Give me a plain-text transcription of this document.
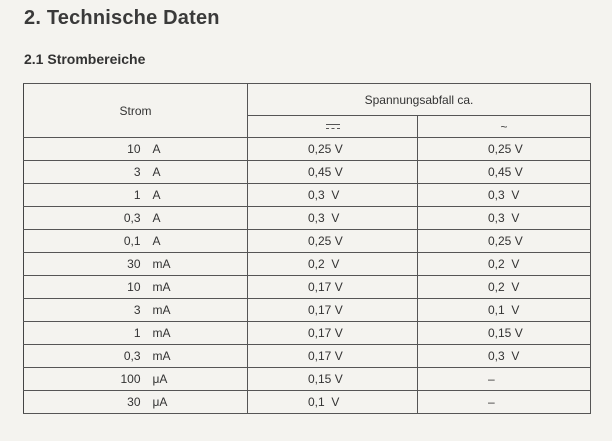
2. Technische Daten
2.1 Strombereiche
Strom	Spannungsabfall ca.	

		~
10 A	0,25 V	0,25 V
3 A	0,45 V	0,45 V
1 A	0,3  V	0,3  V
0,3 A	0,3  V	0,3  V
0,1 A	0,25 V	0,25 V
30 mA	0,2  V	0,2  V
10 mA	0,17 V	0,2  V
3 mA	0,17 V	0,1  V
1 mA	0,17 V	0,15 V
0,3 mA	0,17 V	0,3  V
100 μA	0,15 V	–
30 μA	0,1  V	–
